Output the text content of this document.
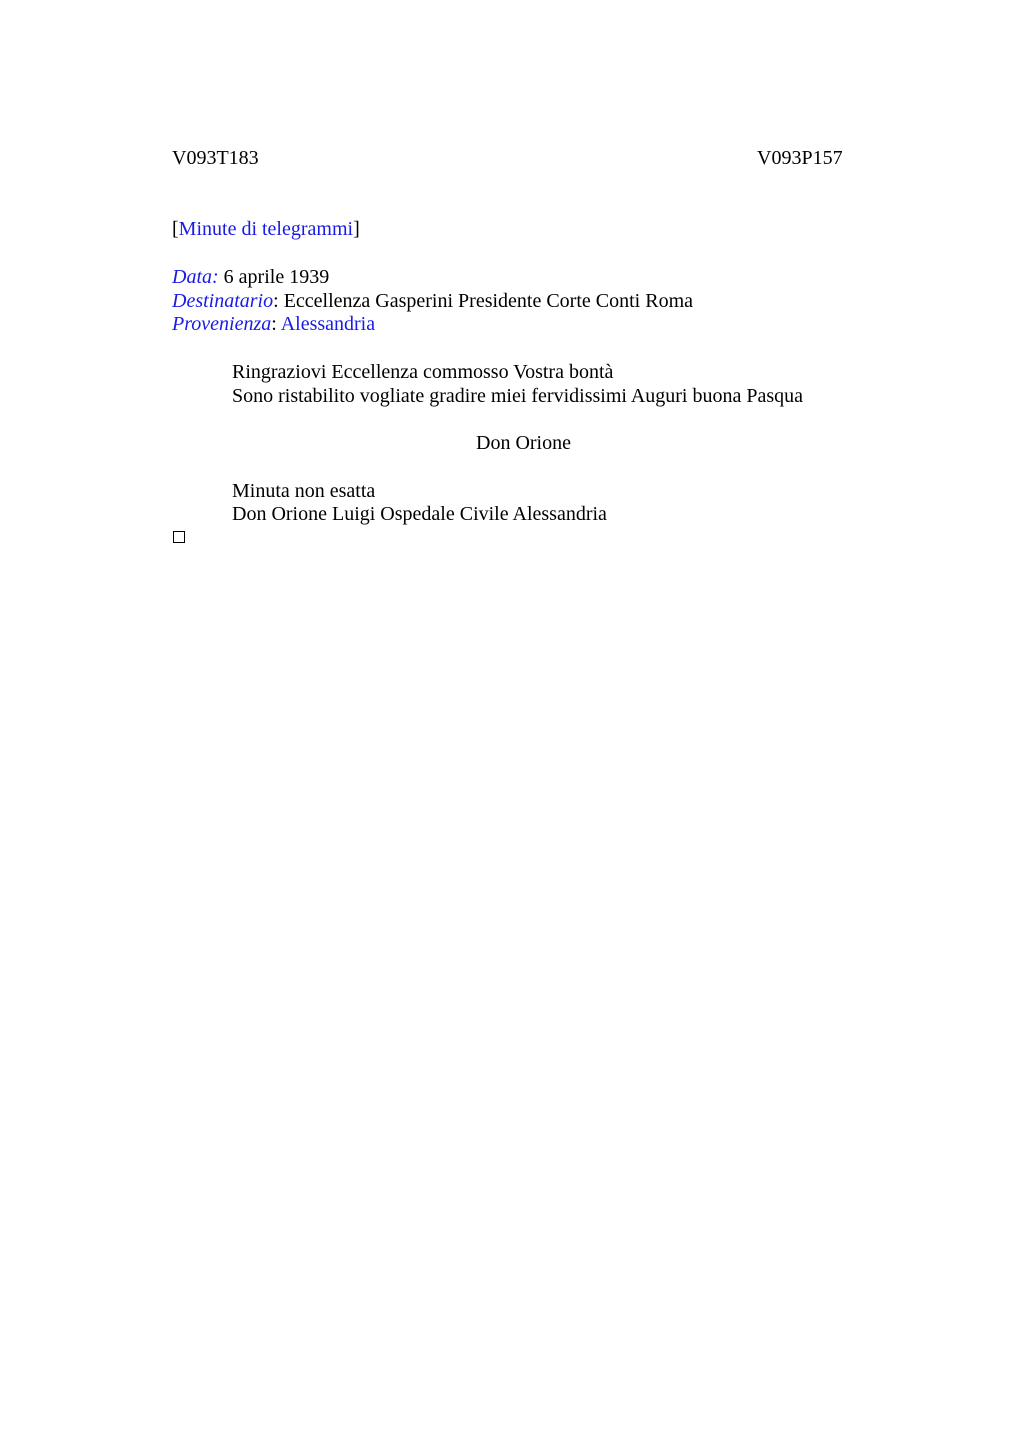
V093T183	V093P157
[Minute di telegrammi]
Data: 6 aprile 1939
Destinatario: Eccellenza Gasperini Presidente Corte Conti Roma
Provenienza: Alessandria
Ringraziovi Eccellenza commosso Vostra bontà
Sono ristabilito vogliate gradire miei fervidissimi Auguri buona Pasqua
Don Orione
Minuta non esatta
Don Orione Luigi Ospedale Civile Alessandria
